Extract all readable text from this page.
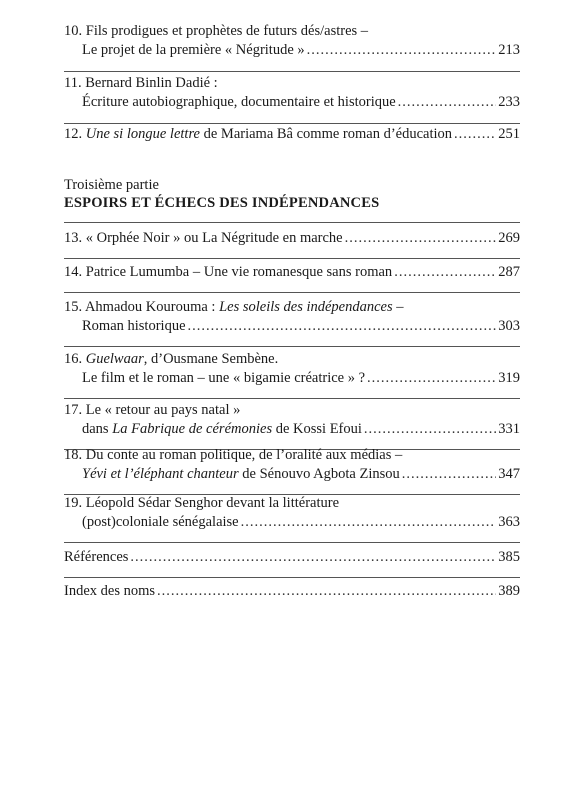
10. Fils prodigues et prophètes de futurs dés/astres –
Le projet de la première « Négritude » .....	213
11. Bernard Binlin Dadié :
Écriture autobiographique, documentaire et historique .....	233
12. Une si longue lettre de Mariama Bâ comme roman d’éducation .....	251
Troisième partie
ESPOIRS ET ÉCHECS DES INDÉPENDANCES
13. « Orphée Noir » ou La Négritude en marche .....	269
14. Patrice Lumumba – Une vie romanesque sans roman .....	287
15. Ahmadou Kourouma : Les soleils des indépendances –
Roman historique .....	303
16. Guelwaar, d’Ousmane Sembène.
Le film et le roman – une « bigamie créatrice » ? .....	319
17. Le « retour au pays natal »
dans La Fabrique de cérémonies de Kossi Efoui .....	331
18. Du conte au roman politique, de l’oralité aux médias –
Yévi et l’éléphant chanteur de Sénouvo Agbota Zinsou .....	347
19. Léopold Sédar Senghor devant la littérature
(post)coloniale sénégalaise .....	363
Références .....	385
Index des noms .....	389
